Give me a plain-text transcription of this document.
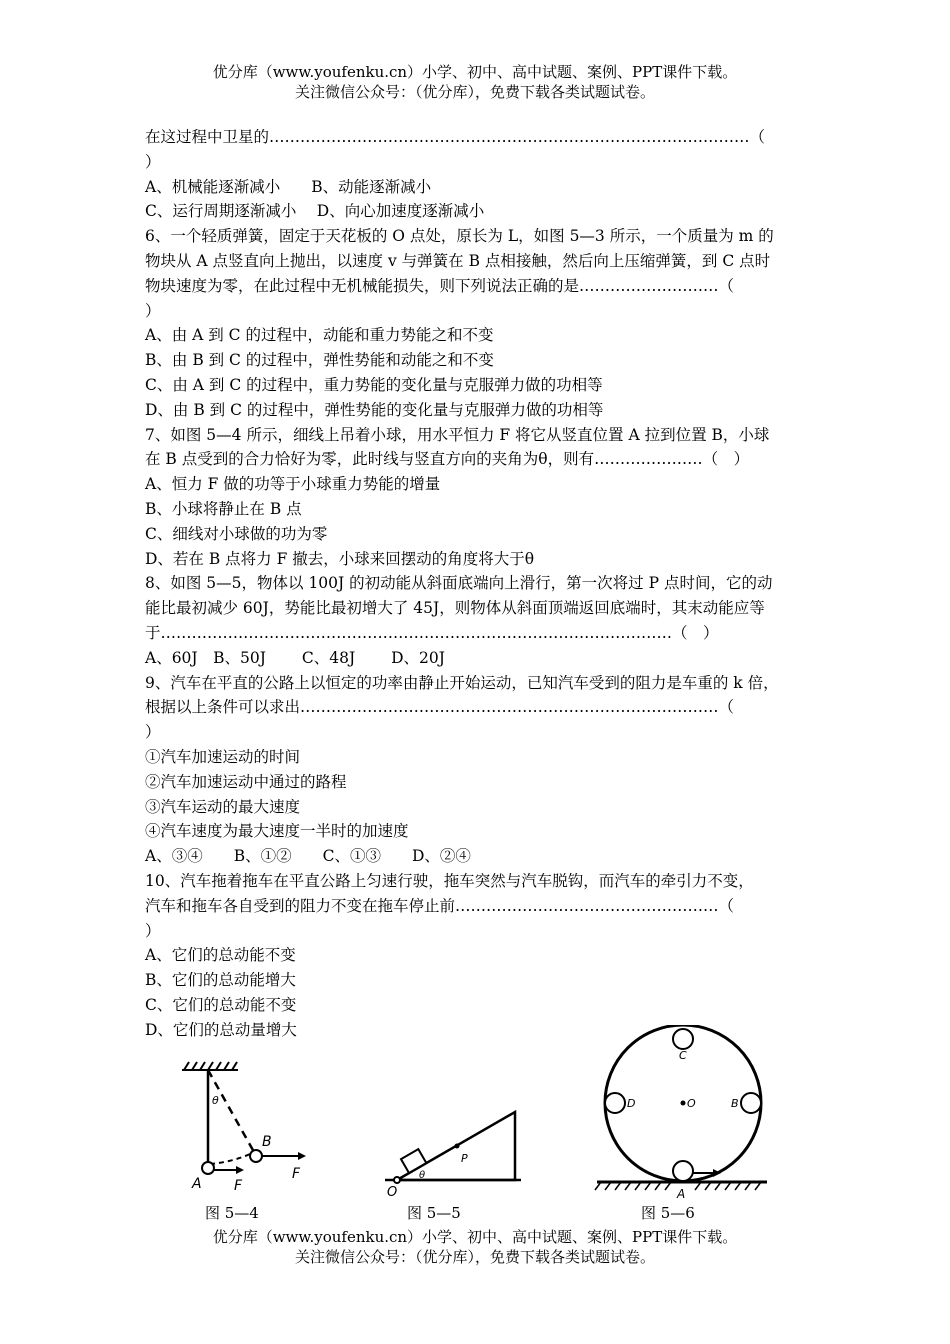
优分库（www.youfenku.cn）小学、初中、高中试题、案例、PPT课件下载。
关注微信公众号：（优分库），免费下载各类试题试卷。

在这过程中卫星的…………………………………………………………………………………（

）

A、机械能逐渐减小　　B、动能逐渐减小

C、运行周期逐渐减小　 D、向心加速度逐渐减小

6、一个轻质弹簧，固定于天花板的 O 点处，原长为 L，如图 5—3 所示，一个质量为 m 的

物块从 A 点竖直向上抛出，以速度 v 与弹簧在 B 点相接触，然后向上压缩弹簧，到 C 点时

物块速度为零，在此过程中无机械能损失，则下列说法正确的是………………………（

）

A、由 A 到 C 的过程中，动能和重力势能之和不变

B、由 B 到 C 的过程中，弹性势能和动能之和不变

C、由 A 到 C 的过程中，重力势能的变化量与克服弹力做的功相等

D、由 B 到 C 的过程中，弹性势能的变化量与克服弹力做的功相等

7、如图 5—4 所示，细线上吊着小球，用水平恒力 F 将它从竖直位置 A 拉到位置 B，小球

在 B 点受到的合力恰好为零，此时线与竖直方向的夹角为θ，则有…………………（　）

A、恒力 F 做的功等于小球重力势能的增量

B、小球将静止在 B 点

C、细线对小球做的功为零

D、若在 B 点将力 F 撤去，小球来回摆动的角度将大于θ

8、如图 5—5，物体以 100J 的初动能从斜面底端向上滑行，第一次将过 P 点时间，它的动

能比最初减少 60J，势能比最初增大了 45J，则物体从斜面顶端返回底端时，其末动能应等

于………………………………………………………………………………………（　）

A、60J　B、50J　　 C、48J　　 D、20J

9、汽车在平直的公路上以恒定的功率由静止开始运动，已知汽车受到的阻力是车重的 k 倍，

根据以上条件可以求出………………………………………………………………………（

）

①汽车加速运动的时间

②汽车加速运动中通过的路程

③汽车运动的最大速度

④汽车速度为最大速度一半时的加速度

A、③④　　B、①②　　C、①③　　D、②④

10、汽车拖着拖车在平直公路上匀速行驶，拖车突然与汽车脱钩，而汽车的牵引力不变，

汽车和拖车各自受到的阻力不变在拖车停止前……………………………………………（

）

A、它们的总动能不变

B、它们的总动能增大

C、它们的总动能不变

D、它们的总动量增大

θ
A
B
F
F
图 5—4
O
θ
P
图 5—5
C
D	B
O
A
图 5—6
优分库（www.youfenku.cn）小学、初中、高中试题、案例、PPT课件下载。
关注微信公众号：（优分库），免费下载各类试题试卷。
